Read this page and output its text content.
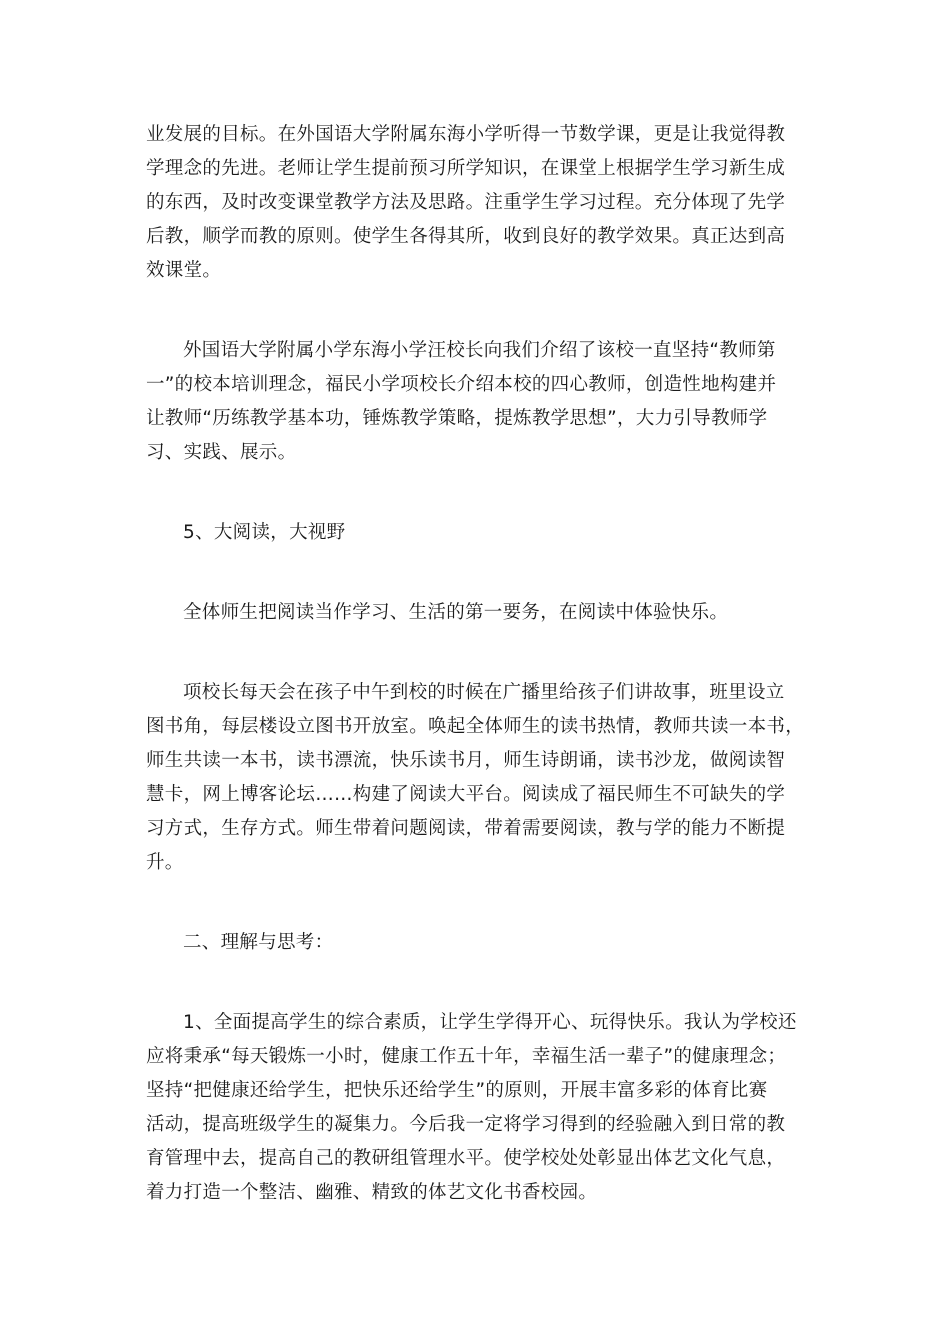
业发展的目标。在外国语大学附属东海小学听得一节数学课，更是让我觉得教
学理念的先进。老师让学生提前预习所学知识，在课堂上根据学生学习新生成
的东西，及时改变课堂教学方法及思路。注重学生学习过程。充分体现了先学
后教，顺学而教的原则。使学生各得其所，收到良好的教学效果。真正达到高
效课堂。

外国语大学附属小学东海小学汪校长向我们介绍了该校一直坚持“教师第
一”的校本培训理念，福民小学项校长介绍本校的四心教师，创造性地构建并
让教师“历练教学基本功，锤炼教学策略，提炼教学思想”，大力引导教师学
习、实践、展示。

5、大阅读，大视野

全体师生把阅读当作学习、生活的第一要务，在阅读中体验快乐。

项校长每天会在孩子中午到校的时候在广播里给孩子们讲故事，班里设立
图书角，每层楼设立图书开放室。唤起全体师生的读书热情，教师共读一本书，
师生共读一本书，读书漂流，快乐读书月，师生诗朗诵，读书沙龙，做阅读智
慧卡，网上博客论坛……构建了阅读大平台。阅读成了福民师生不可缺失的学
习方式，生存方式。师生带着问题阅读，带着需要阅读，教与学的能力不断提
升。

二、理解与思考：

1、全面提高学生的综合素质，让学生学得开心、玩得快乐。我认为学校还
应将秉承“每天锻炼一小时，健康工作五十年，幸福生活一辈子”的健康理念；
坚持“把健康还给学生，把快乐还给学生”的原则，开展丰富多彩的体育比赛
活动，提高班级学生的凝集力。今后我一定将学习得到的经验融入到日常的教
育管理中去，提高自己的教研组管理水平。使学校处处彰显出体艺文化气息，
着力打造一个整洁、幽雅、精致的体艺文化书香校园。
